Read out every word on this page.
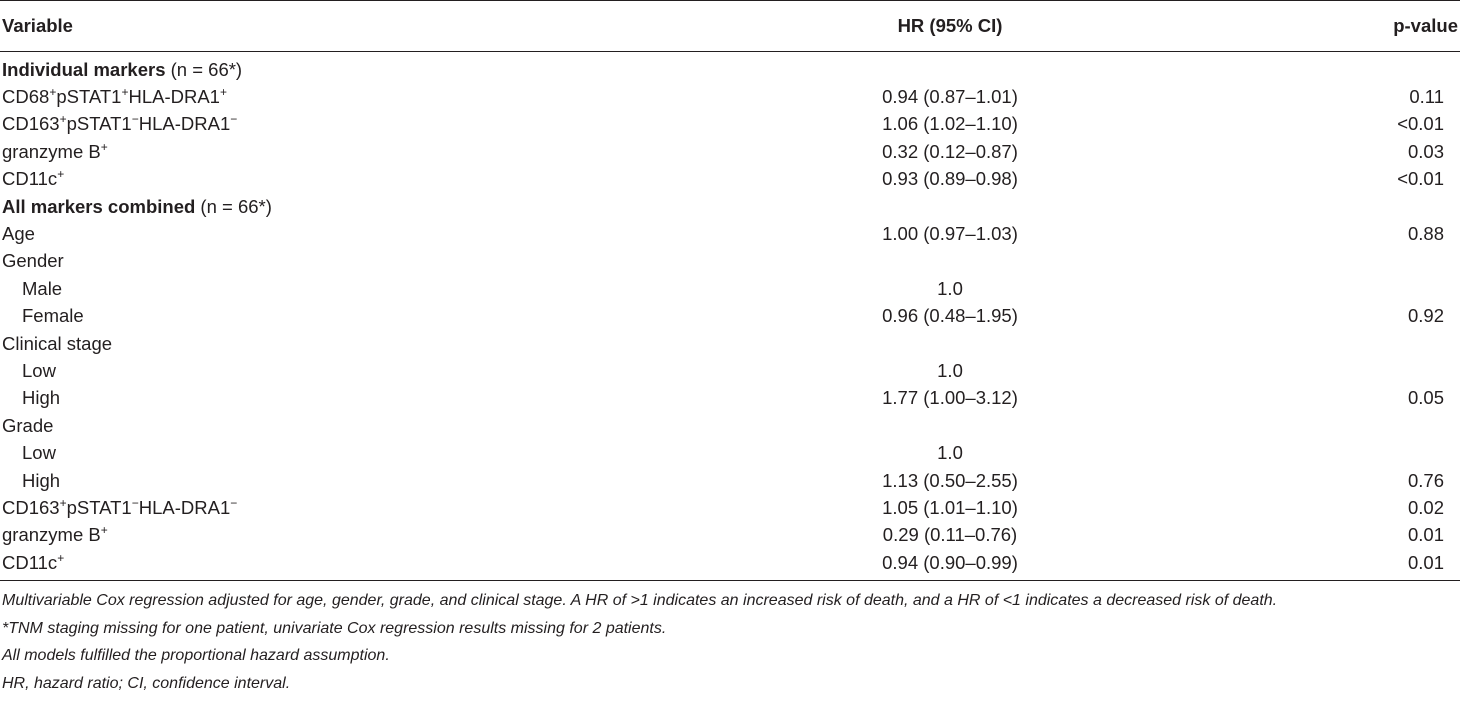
Variable	HR (95% CI)	p-value
Individual markers (n = 66*)		
CD68+pSTAT1+HLA-DRA1+	0.94 (0.87–1.01)	0.11
CD163+pSTAT1−HLA-DRA1−	1.06 (1.02–1.10)	<0.01
granzyme B+	0.32 (0.12–0.87)	0.03
CD11c+	0.93 (0.89–0.98)	<0.01
All markers combined (n = 66*)		
Age	1.00 (0.97–1.03)	0.88
Gender		
Male	1.0	
Female	0.96 (0.48–1.95)	0.92
Clinical stage		
Low	1.0	
High	1.77 (1.00–3.12)	0.05
Grade		
Low	1.0	
High	1.13 (0.50–2.55)	0.76
CD163+pSTAT1−HLA-DRA1−	1.05 (1.01–1.10)	0.02
granzyme B+	0.29 (0.11–0.76)	0.01
CD11c+	0.94 (0.90–0.99)	0.01

Multivariable Cox regression adjusted for age, gender, grade, and clinical stage. A HR of >1 indicates an increased risk of death, and a HR of <1 indicates a decreased risk of death.

*TNM staging missing for one patient, univariate Cox regression results missing for 2 patients.

All models fulfilled the proportional hazard assumption.

HR, hazard ratio; CI, confidence interval.
